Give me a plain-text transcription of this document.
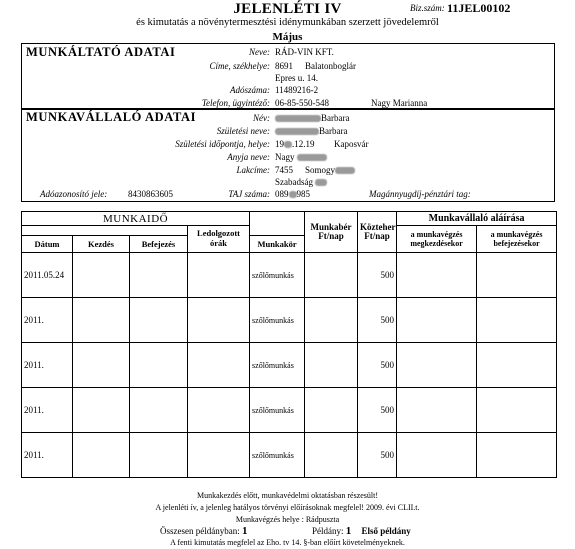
JELENLÉTI IV	Biz.szám: 11JEL00102
és kimutatás a növénytermesztési idénymunkában szerzett jövedelemről
Május
MUNKÁLTATÓ ADATAI	Neve: RÁD-VIN KFT.
Címe, székhelye: 8691 Balatonboglár
Epres u. 14.
Adószáma: 11489216-2
Telefon, ügyintéző: 06-85-550-548	Nagy Marianna
MUNKAVÁLLALÓ ADATAI	Név:	Barbara
Születési neve:	Barbara
Születési időpontja, helye: 19 .12.19 Kaposvár
Anyja neve: Nagy
Lakcíme: 7455 Somogy
Szabadság
Adóazonosító jele: 8430863605	TAJ száma: 089 985	Magánnyugdíj-pénztári tag:
MUNKAIDŐ					Munkabér Ft/nap	Közteher
Ft/nap	Munkavállaló aláírása	
			Ledolgozott órák				a munkavégzés megkezdésekor	a munkavégzés befejezésekor
Dátum	Kezdés	Befejezés		Munkakör				
2011.05.24				szőlőmunkás		500		
2011.				szőlőmunkás		500		
2011.				szőlőmunkás		500		
2011.				szőlőmunkás		500		
2011.				szőlőmunkás		500		
Munkakezdés előtt, munkavédelmi oktatásban részesült!
A jelenléti ív, a jelenleg hatályos törvényi előírásoknak megfelel! 2009. évi CLII.t.
Munkavégzés helye : Rádpuszta
Összesen példányban: 1	Példány: 1 Első példány
A fenti kimutatás megfelel az Eho. tv 14. §-ban előírt követelményeknek.
